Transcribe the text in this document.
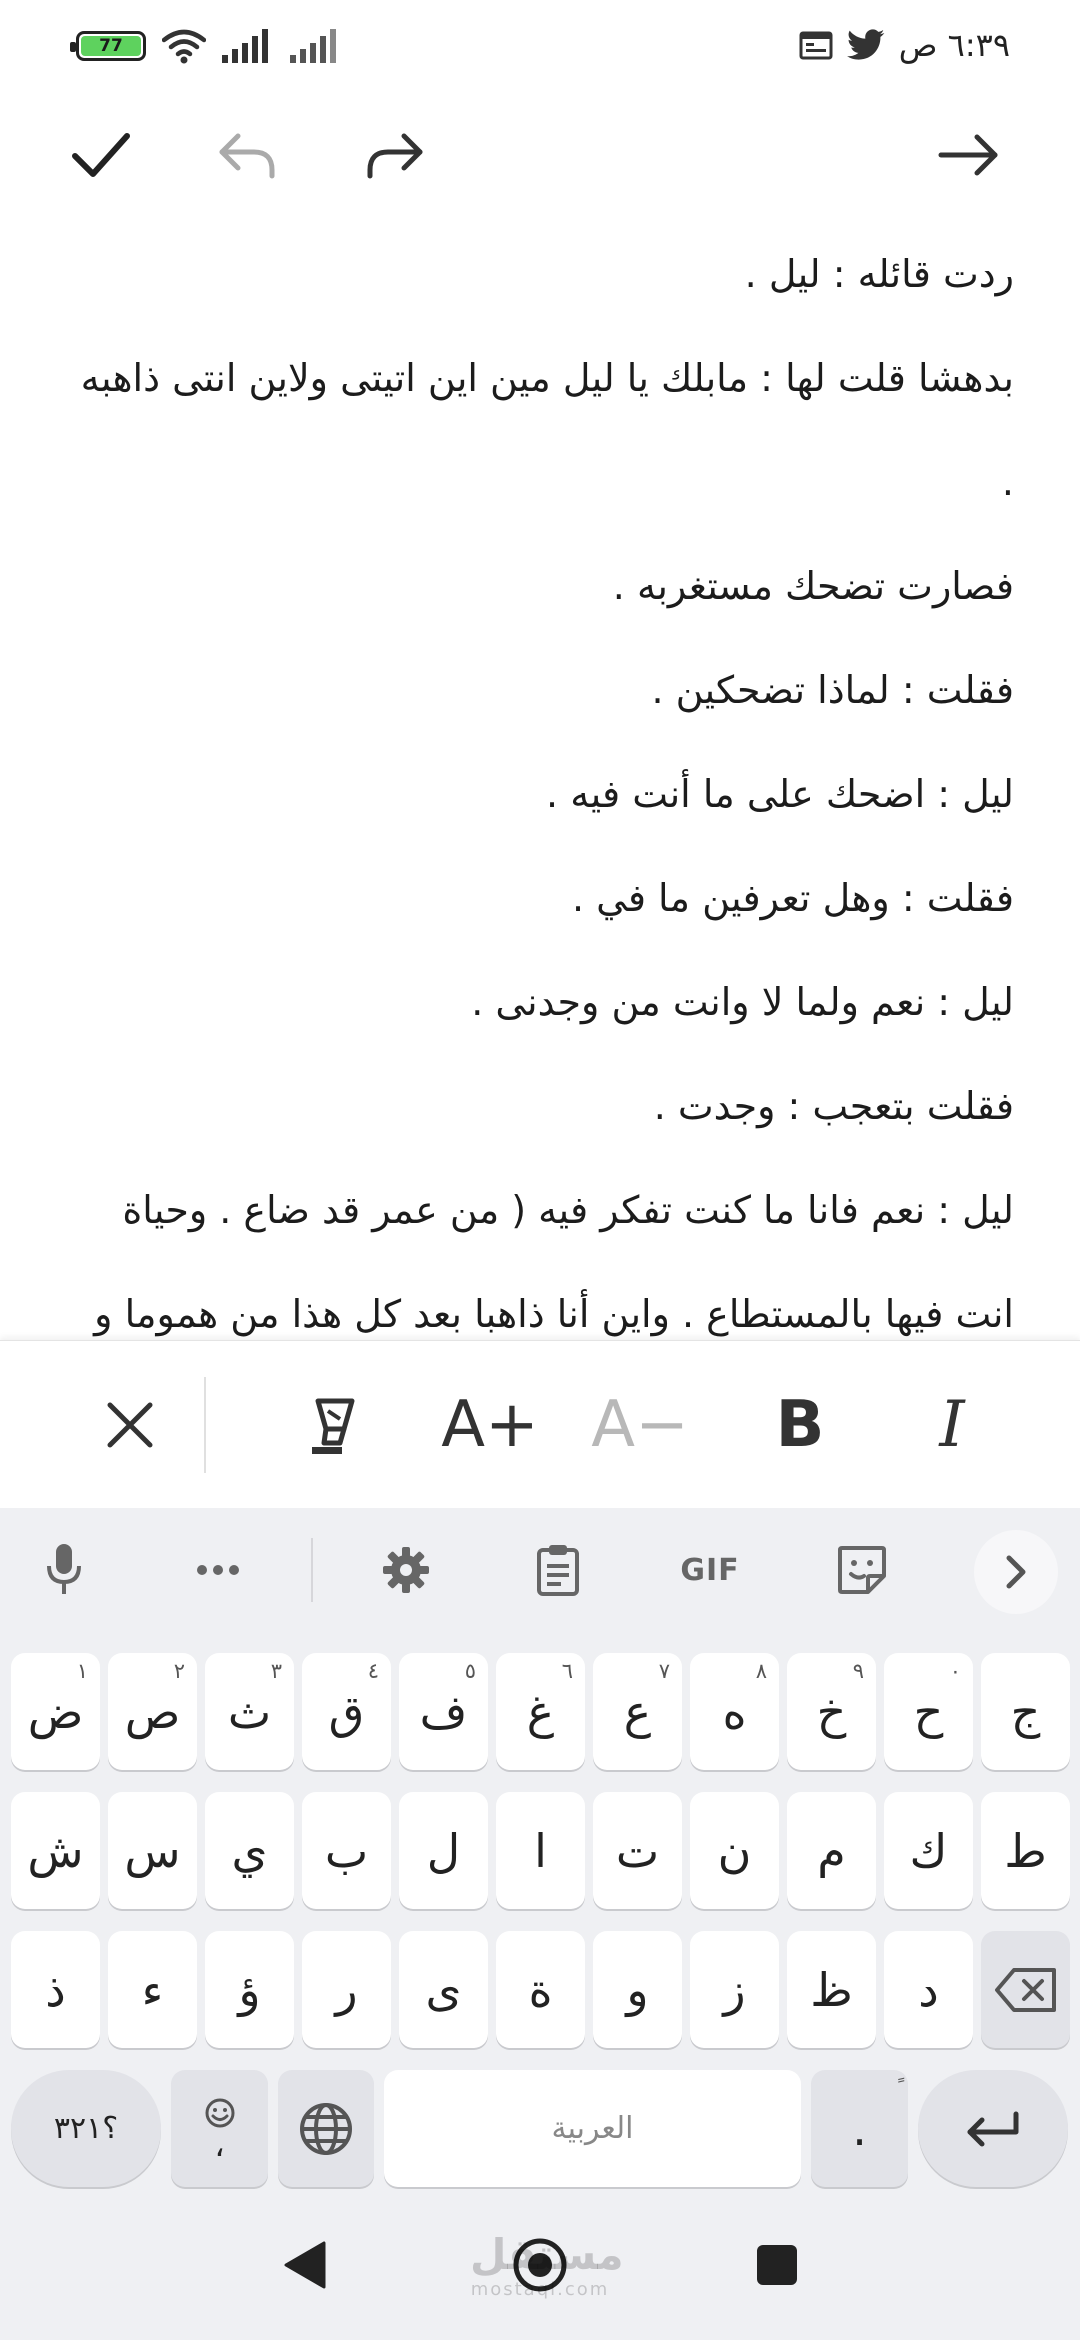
77	٦:٣٩ ص

ردت قائله : ليل .

بدهشا قلت لها : مابلك يا ليل مين اين اتيتى ولاين انتى ذاهبه .

فصارت تضحك مستغربه .

فقلت : لماذا تضحكين .

ليل : اضحك على ما أنت فيه .

فقلت : وهل تعرفين ما في .

ليل : نعم ولما لا وانت من وجدنى .

فقلت بتعجب : وجدت .

ليل : نعم فانا ما كنت تفكر فيه ( من عمر قد ضاع . وحياة انت فيها بالمستطاع . واين أنا ذاهبا بعد كل هذا من هموما و

A+ A− B I
GIF
ض
١
ص
٢
ث
٣
ق
٤
ف
٥
غ
٦
ع
٧
ه
٨
خ
٩
ح
٠
ج
ش س ي ب ل ا ت ن م ك ط
ذ ء ؤ ر ى ة و ز ظ د
؟٣٢١	،	العربية	.
مستقل
mostaql.com
